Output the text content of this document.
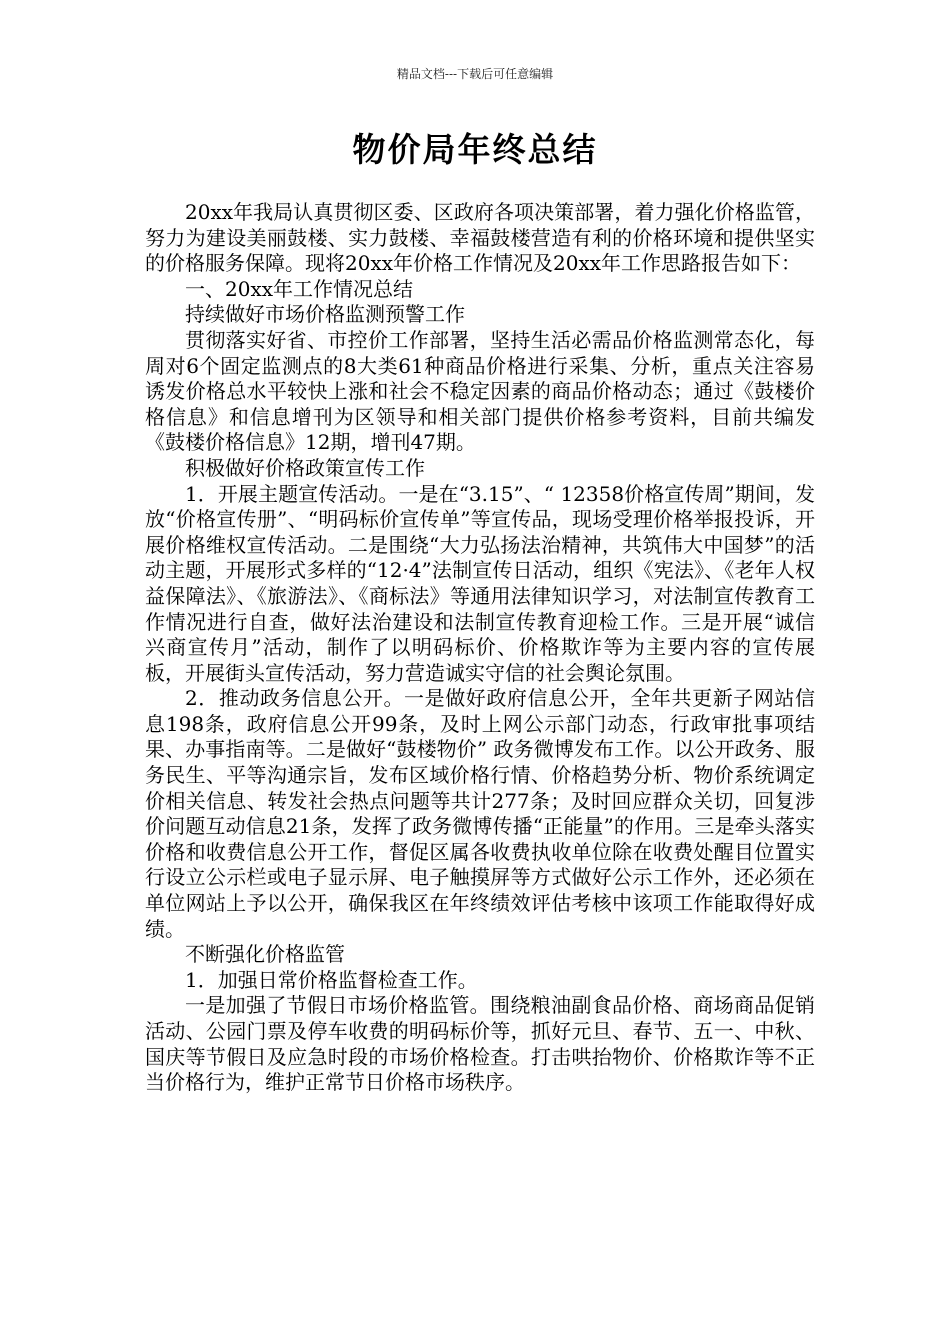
精品文档---下载后可任意编辑
物价局年终总结

20xx年我局认真贯彻区委、区政府各项决策部署，着力强化价格监管，努力为建设美丽鼓楼、实力鼓楼、幸福鼓楼营造有利的价格环境和提供坚实的价格服务保障。现将20xx年价格工作情况及20xx年工作思路报告如下：

一、20xx年工作情况总结

持续做好市场价格监测预警工作

贯彻落实好省、市控价工作部署，坚持生活必需品价格监测常态化，每周对6个固定监测点的8大类61种商品价格进行采集、分析，重点关注容易诱发价格总水平较快上涨和社会不稳定因素的商品价格动态；通过《鼓楼价格信息》和信息增刊为区领导和相关部门提供价格参考资料，目前共编发《鼓楼价格信息》12期，增刊47期。

积极做好价格政策宣传工作

1．开展主题宣传活动。一是在“3.15”、“ 12358价格宣传周”期间，发放“价格宣传册”、“明码标价宣传单”等宣传品，现场受理价格举报投诉，开展价格维权宣传活动。二是围绕“大力弘扬法治精神，共筑伟大中国梦”的活动主题，开展形式多样的“12·4”法制宣传日活动，组织《宪法》、《老年人权益保障法》、《旅游法》、《商标法》等通用法律知识学习，对法制宣传教育工作情况进行自查，做好法治建设和法制宣传教育迎检工作。三是开展“诚信兴商宣传月”活动，制作了以明码标价、价格欺诈等为主要内容的宣传展板，开展街头宣传活动，努力营造诚实守信的社会舆论氛围。

2．推动政务信息公开。一是做好政府信息公开，全年共更新子网站信息198条，政府信息公开99条，及时上网公示部门动态，行政审批事项结果、办事指南等。二是做好“鼓楼物价” 政务微博发布工作。以公开政务、服务民生、平等沟通宗旨，发布区域价格行情、价格趋势分析、物价系统调定价相关信息、转发社会热点问题等共计277条；及时回应群众关切，回复涉价问题互动信息21条，发挥了政务微博传播“正能量”的作用。三是牵头落实价格和收费信息公开工作，督促区属各收费执收单位除在收费处醒目位置实行设立公示栏或电子显示屏、电子触摸屏等方式做好公示工作外，还必须在单位网站上予以公开，确保我区在年终绩效评估考核中该项工作能取得好成绩。

不断强化价格监管

1．加强日常价格监督检查工作。

一是加强了节假日市场价格监管。围绕粮油副食品价格、商场商品促销活动、公园门票及停车收费的明码标价等，抓好元旦、春节、五一、中秋、国庆等节假日及应急时段的市场价格检查。打击哄抬物价、价格欺诈等不正当价格行为，维护正常节日价格市场秩序。
